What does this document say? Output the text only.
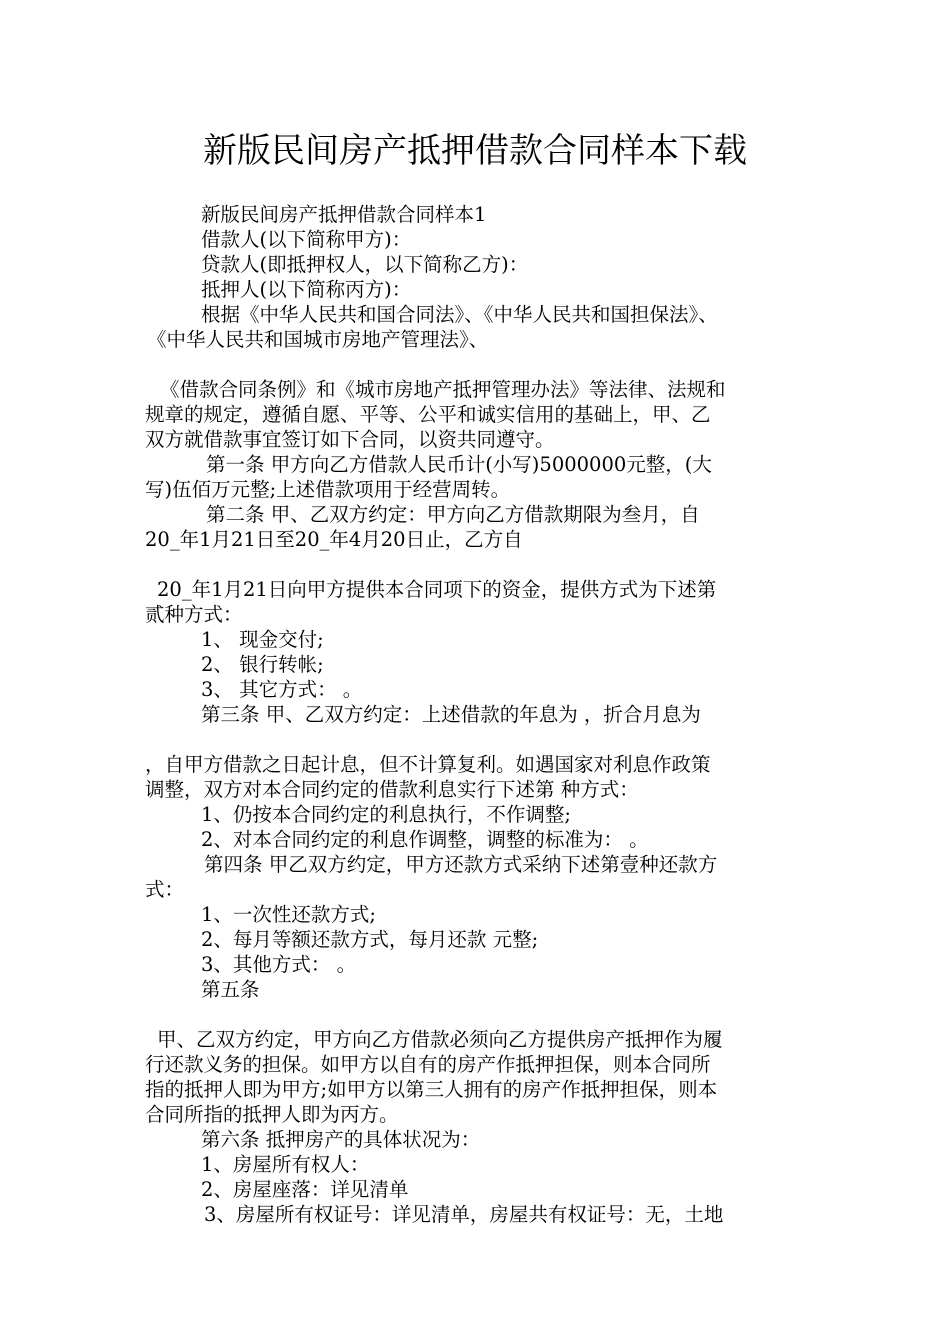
新版民间房产抵押借款合同样本下载
新版民间房产抵押借款合同样本1
借款人(以下简称甲方)：
贷款人(即抵押权人，以下简称乙方)：
抵押人(以下简称丙方)：
根据《中华人民共和国合同法》、《中华人民共和国担保法》、
《中华人民共和国城市房地产管理法》、
《借款合同条例》和《城市房地产抵押管理办法》等法律、法规和
规章的规定，遵循自愿、平等、公平和诚实信用的基础上，甲、乙
双方就借款事宜签订如下合同，以资共同遵守。
第一条 甲方向乙方借款人民币计(小写)5000000元整，(大
写)伍佰万元整;上述借款项用于经营周转。
第二条 甲、乙双方约定：甲方向乙方借款期限为叁月，自
20_年1月21日至20_年4月20日止，乙方自
20_年1月21日向甲方提供本合同项下的资金，提供方式为下述第
贰种方式：
1、 现金交付;
2、 银行转帐;
3、 其它方式： 。
第三条 甲、乙双方约定：上述借款的年息为 ，折合月息为
，自甲方借款之日起计息，但不计算复利。如遇国家对利息作政策
调整，双方对本合同约定的借款利息实行下述第 种方式：
1、仍按本合同约定的利息执行，不作调整;
2、对本合同约定的利息作调整，调整的标准为： 。
第四条 甲乙双方约定，甲方还款方式采纳下述第壹种还款方
式：
1、一次性还款方式;
2、每月等额还款方式，每月还款 元整;
3、其他方式： 。
第五条
甲、乙双方约定，甲方向乙方借款必须向乙方提供房产抵押作为履
行还款义务的担保。如甲方以自有的房产作抵押担保，则本合同所
指的抵押人即为甲方;如甲方以第三人拥有的房产作抵押担保，则本
合同所指的抵押人即为丙方。
第六条 抵押房产的具体状况为：
1、房屋所有权人：
2、房屋座落：详见清单
3、房屋所有权证号：详见清单，房屋共有权证号：无，土地
